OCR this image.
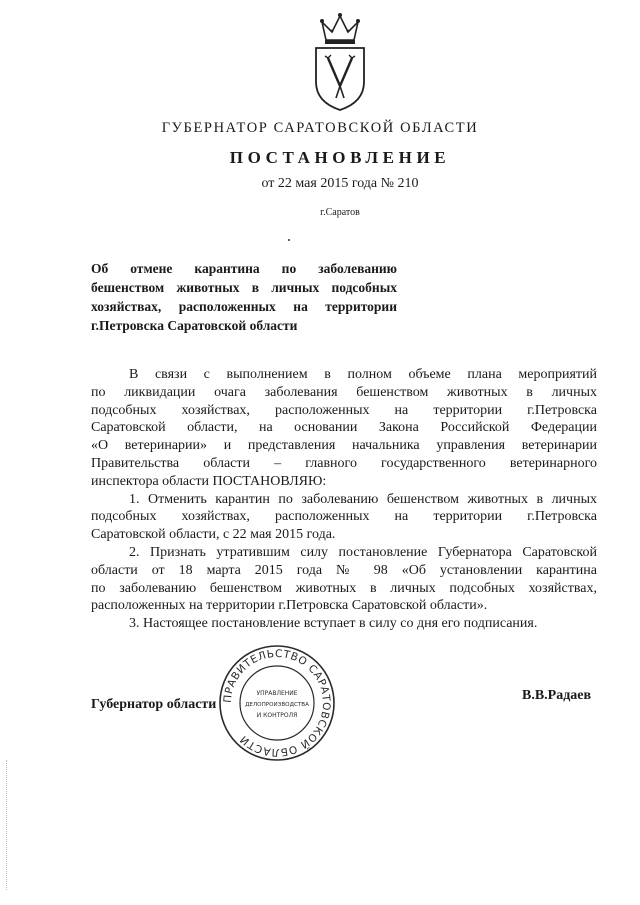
ГУБЕРНАТОР САРАТОВСКОЙ ОБЛАСТИ
ПОСТАНОВЛЕНИЕ
от 22 мая 2015 года № 210
г.Саратов
Об отмене карантина по заболеванию
бешенством животных в личных подсобных
хозяйствах, расположенных на территории
г.Петровска Саратовской области
В связи с выполнением в полном объеме плана мероприятий
по ликвидации очага заболевания бешенством животных в личных
подсобных хозяйствах, расположенных на территории г.Петровска
Саратовской области, на основании Закона Российской Федерации
«О ветеринарии» и представления начальника управления ветеринарии
Правительства области – главного государственного ветеринарного
инспектора области ПОСТАНОВЛЯЮ:
1. Отменить карантин по заболеванию бешенством животных в личных
подсобных хозяйствах, расположенных на территории г.Петровска
Саратовской области, с 22 мая 2015 года.
2. Признать утратившим силу постановление Губернатора Саратовской
области от 18 марта 2015 года № 98 «Об установлении карантина
по заболеванию бешенством животных в личных подсобных хозяйствах,
расположенных на территории г.Петровска Саратовской области».
3. Настоящее постановление вступает в силу со дня его подписания.
Губернатор области
В.В.Радаев
ПРАВИТЕЛЬСТВО САРАТОВСКОЙ ОБЛАСТИ
УПРАВЛЕНИЕ
ДЕЛОПРОИЗВОДСТВА
И КОНТРОЛЯ
